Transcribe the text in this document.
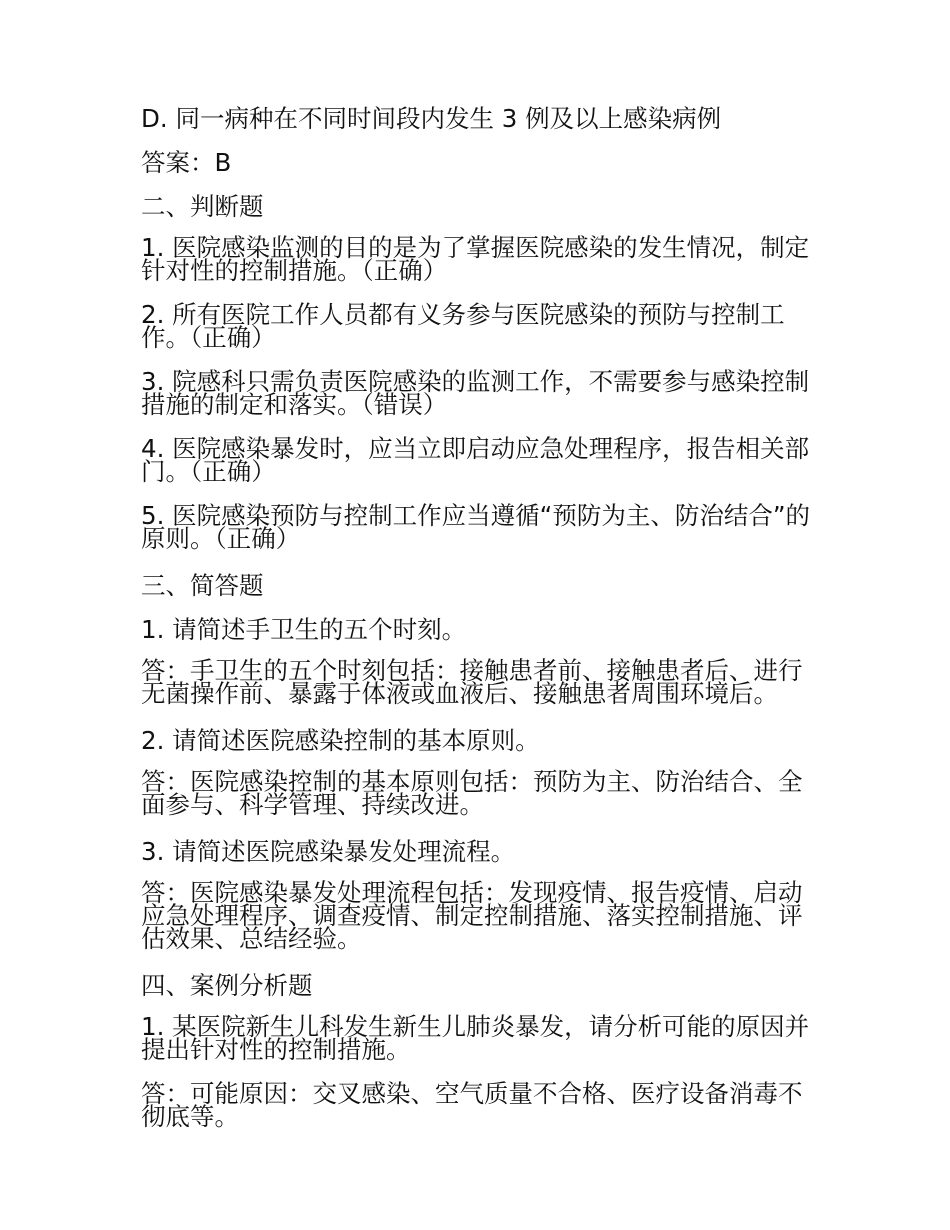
D. 同一病种在不同时间段内发生 3 例及以上感染病例

答案：B

二、判断题

1. 医院感染监测的目的是为了掌握医院感染的发生情况，制定针对性的控制措施。（正确）

2. 所有医院工作人员都有义务参与医院感染的预防与控制工作。（正确）

3. 院感科只需负责医院感染的监测工作，不需要参与感染控制措施的制定和落实。（错误）

4. 医院感染暴发时，应当立即启动应急处理程序，报告相关部门。（正确）

5. 医院感染预防与控制工作应当遵循“预防为主、防治结合”的原则。（正确）

三、简答题

1. 请简述手卫生的五个时刻。

答：手卫生的五个时刻包括：接触患者前、接触患者后、进行无菌操作前、暴露于体液或血液后、接触患者周围环境后。

2. 请简述医院感染控制的基本原则。

答：医院感染控制的基本原则包括：预防为主、防治结合、全面参与、科学管理、持续改进。

3. 请简述医院感染暴发处理流程。

答：医院感染暴发处理流程包括：发现疫情、报告疫情、启动应急处理程序、调查疫情、制定控制措施、落实控制措施、评估效果、总结经验。

四、案例分析题

1. 某医院新生儿科发生新生儿肺炎暴发，请分析可能的原因并提出针对性的控制措施。

答：可能原因：交叉感染、空气质量不合格、医疗设备消毒不彻底等。
